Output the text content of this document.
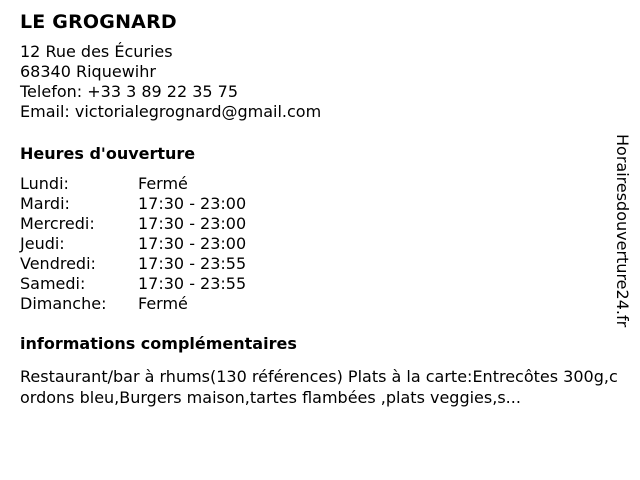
LE GROGNARD
12 Rue des Écuries
68340 Riquewihr
Telefon: +33 3 89 22 35 75
Email: victorialegrognard@gmail.com
Heures d'ouverture
Lundi:	Fermé
Mardi:	17:30 - 23:00
Mercredi:	17:30 - 23:00
Jeudi:	17:30 - 23:00
Vendredi:	17:30 - 23:55
Samedi:	17:30 - 23:55
Dimanche:	Fermé
informations complémentaires
Restaurant/bar à rhums(130 références) Plats à la carte:Entrecôtes 300g,cordons bleu,Burgers maison,tartes flambées ,plats veggies,s...
Horairesdouverture24.fr
